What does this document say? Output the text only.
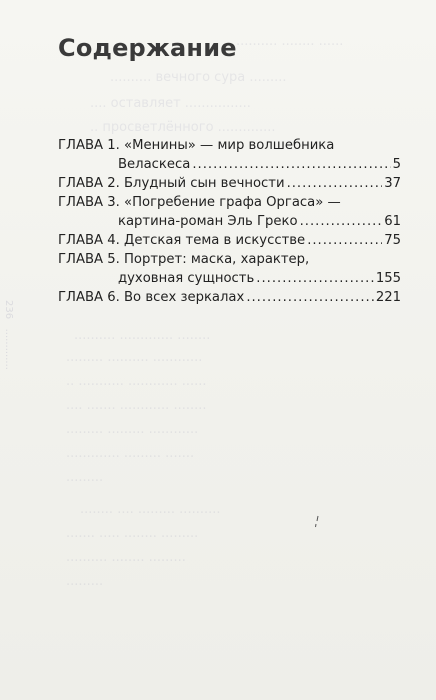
.......... ........ ......
.......... вечного сура .........
.... оставляет ................
.. просветлённого ..............
.......... ............. ........
......... .......... ............
.. ........... ............ ......
.... ....... ............ ........
......... ......... ............
............. ......... .......
.........
........ .... ......... ..........
....... ..... ........ .........
.......... ........ .........
.........
236   .............
Содержание
ГЛАВА 1. «Менины» — мир волшебника
Веласкеса . . .	5
ГЛАВА 2. Блудный сын вечности . . .	37
ГЛАВА 3. «Погребение графа Оргаса» —
картина-роман Эль Греко . . .	61
ГЛАВА 4. Детская тема в искусстве . . .	75
ГЛАВА 5. Портрет: маска, характер,
духовная сущность . . .	155
ГЛАВА 6. Во всех зеркалах . . .	221
